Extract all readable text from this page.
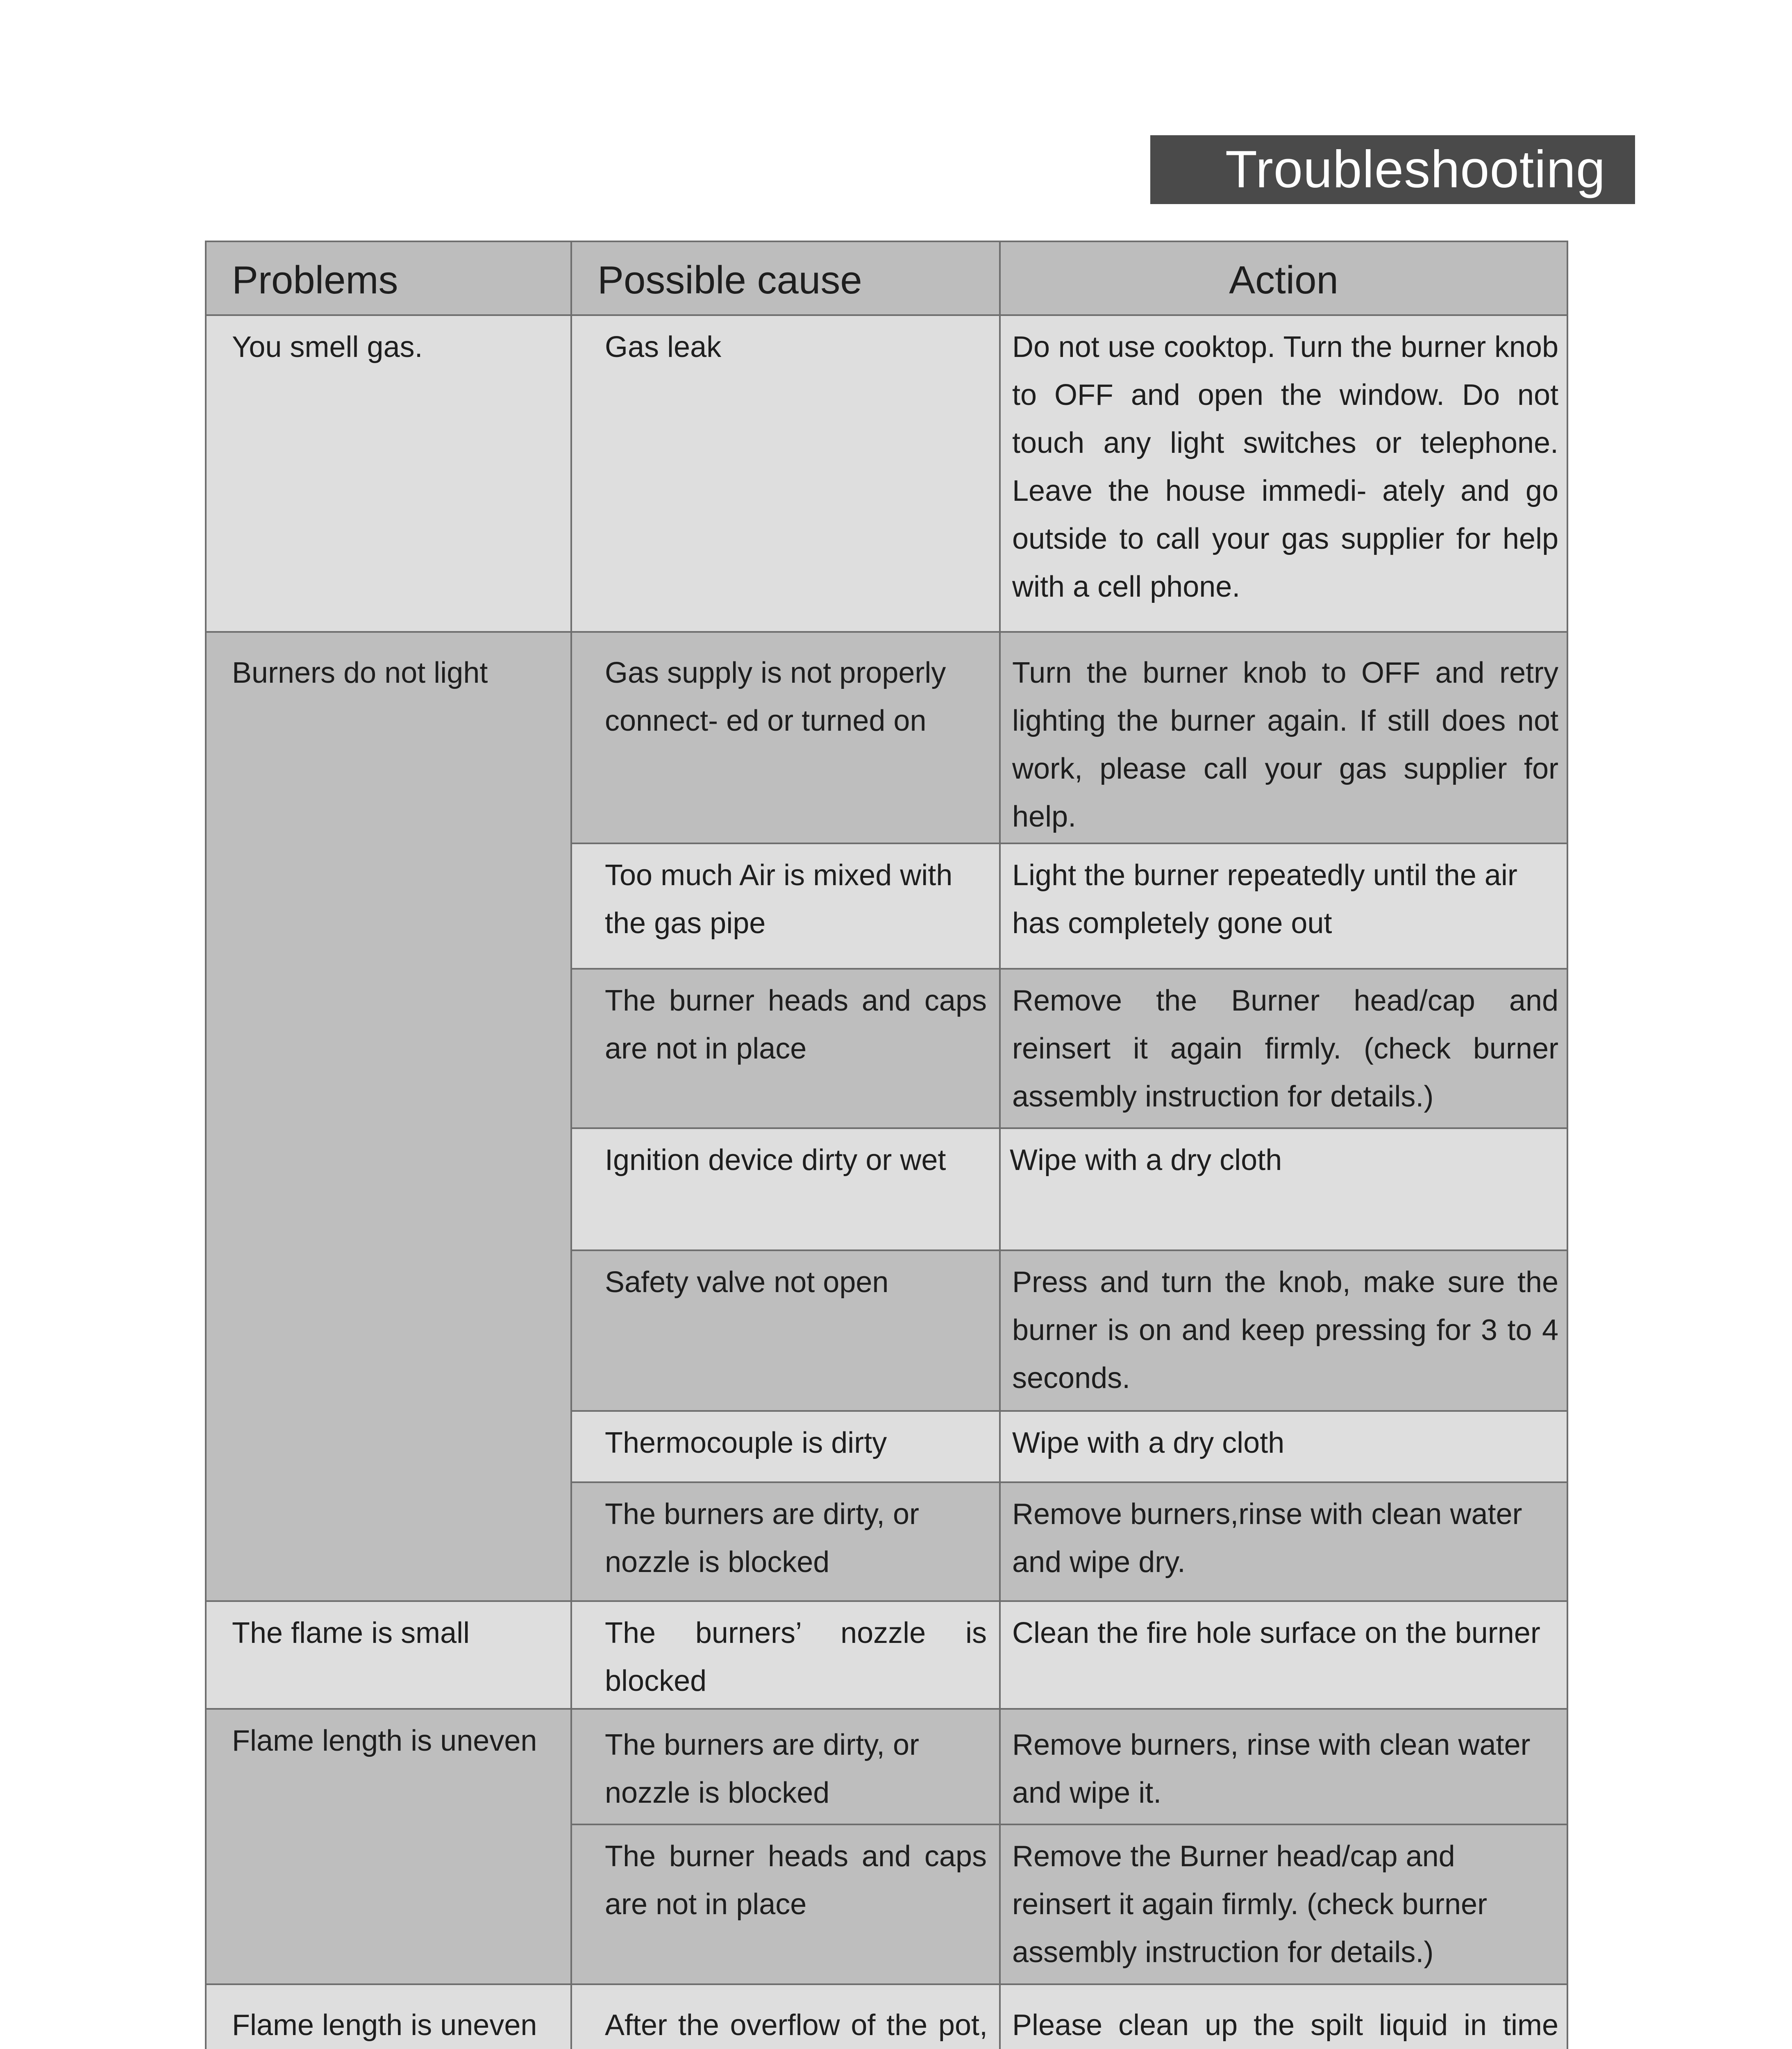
Troubleshooting
Problems	Possible cause	Action
You smell gas.	Gas leak	Do not use cooktop. Turn the burner knob to OFF and open the window. Do not touch any light switches or telephone. Leave the house immedi- ately and go outside to call your gas supplier for help with a cell phone.
Burners do not light	Gas supply is not properly connect- ed or turned on	Turn the burner knob to OFF and retry lighting the burner again. If still does not work, please call your gas supplier for help.
	Too much Air is mixed with the gas pipe	Light the burner repeatedly until the air has completely gone out
	The burner heads and caps are not in place	Remove the Burner head/cap and reinsert it again firmly. (check burner assembly instruction for details.)
	Ignition device dirty or wet	Wipe with a dry cloth
	Safety valve not open	Press and turn the knob, make sure the burner is on and keep pressing for 3 to 4 seconds.
	Thermocouple is dirty	Wipe with a dry cloth
	The burners are dirty, or nozzle is blocked	Remove burners,rinse with clean water and wipe dry.
The flame is small	The burners’ nozzle is blocked	Clean the fire hole surface on the burner
Flame length is uneven	The burners are dirty, or nozzle is blocked	Remove burners, rinse with clean water and wipe it.
	The burner heads and caps are not in place	Remove the Burner head/cap and reinsert it again firmly. (check burner assembly instruction for details.)
Flame length is uneven	After the overflow of the pot,	Please clean up the spilt liquid in time
